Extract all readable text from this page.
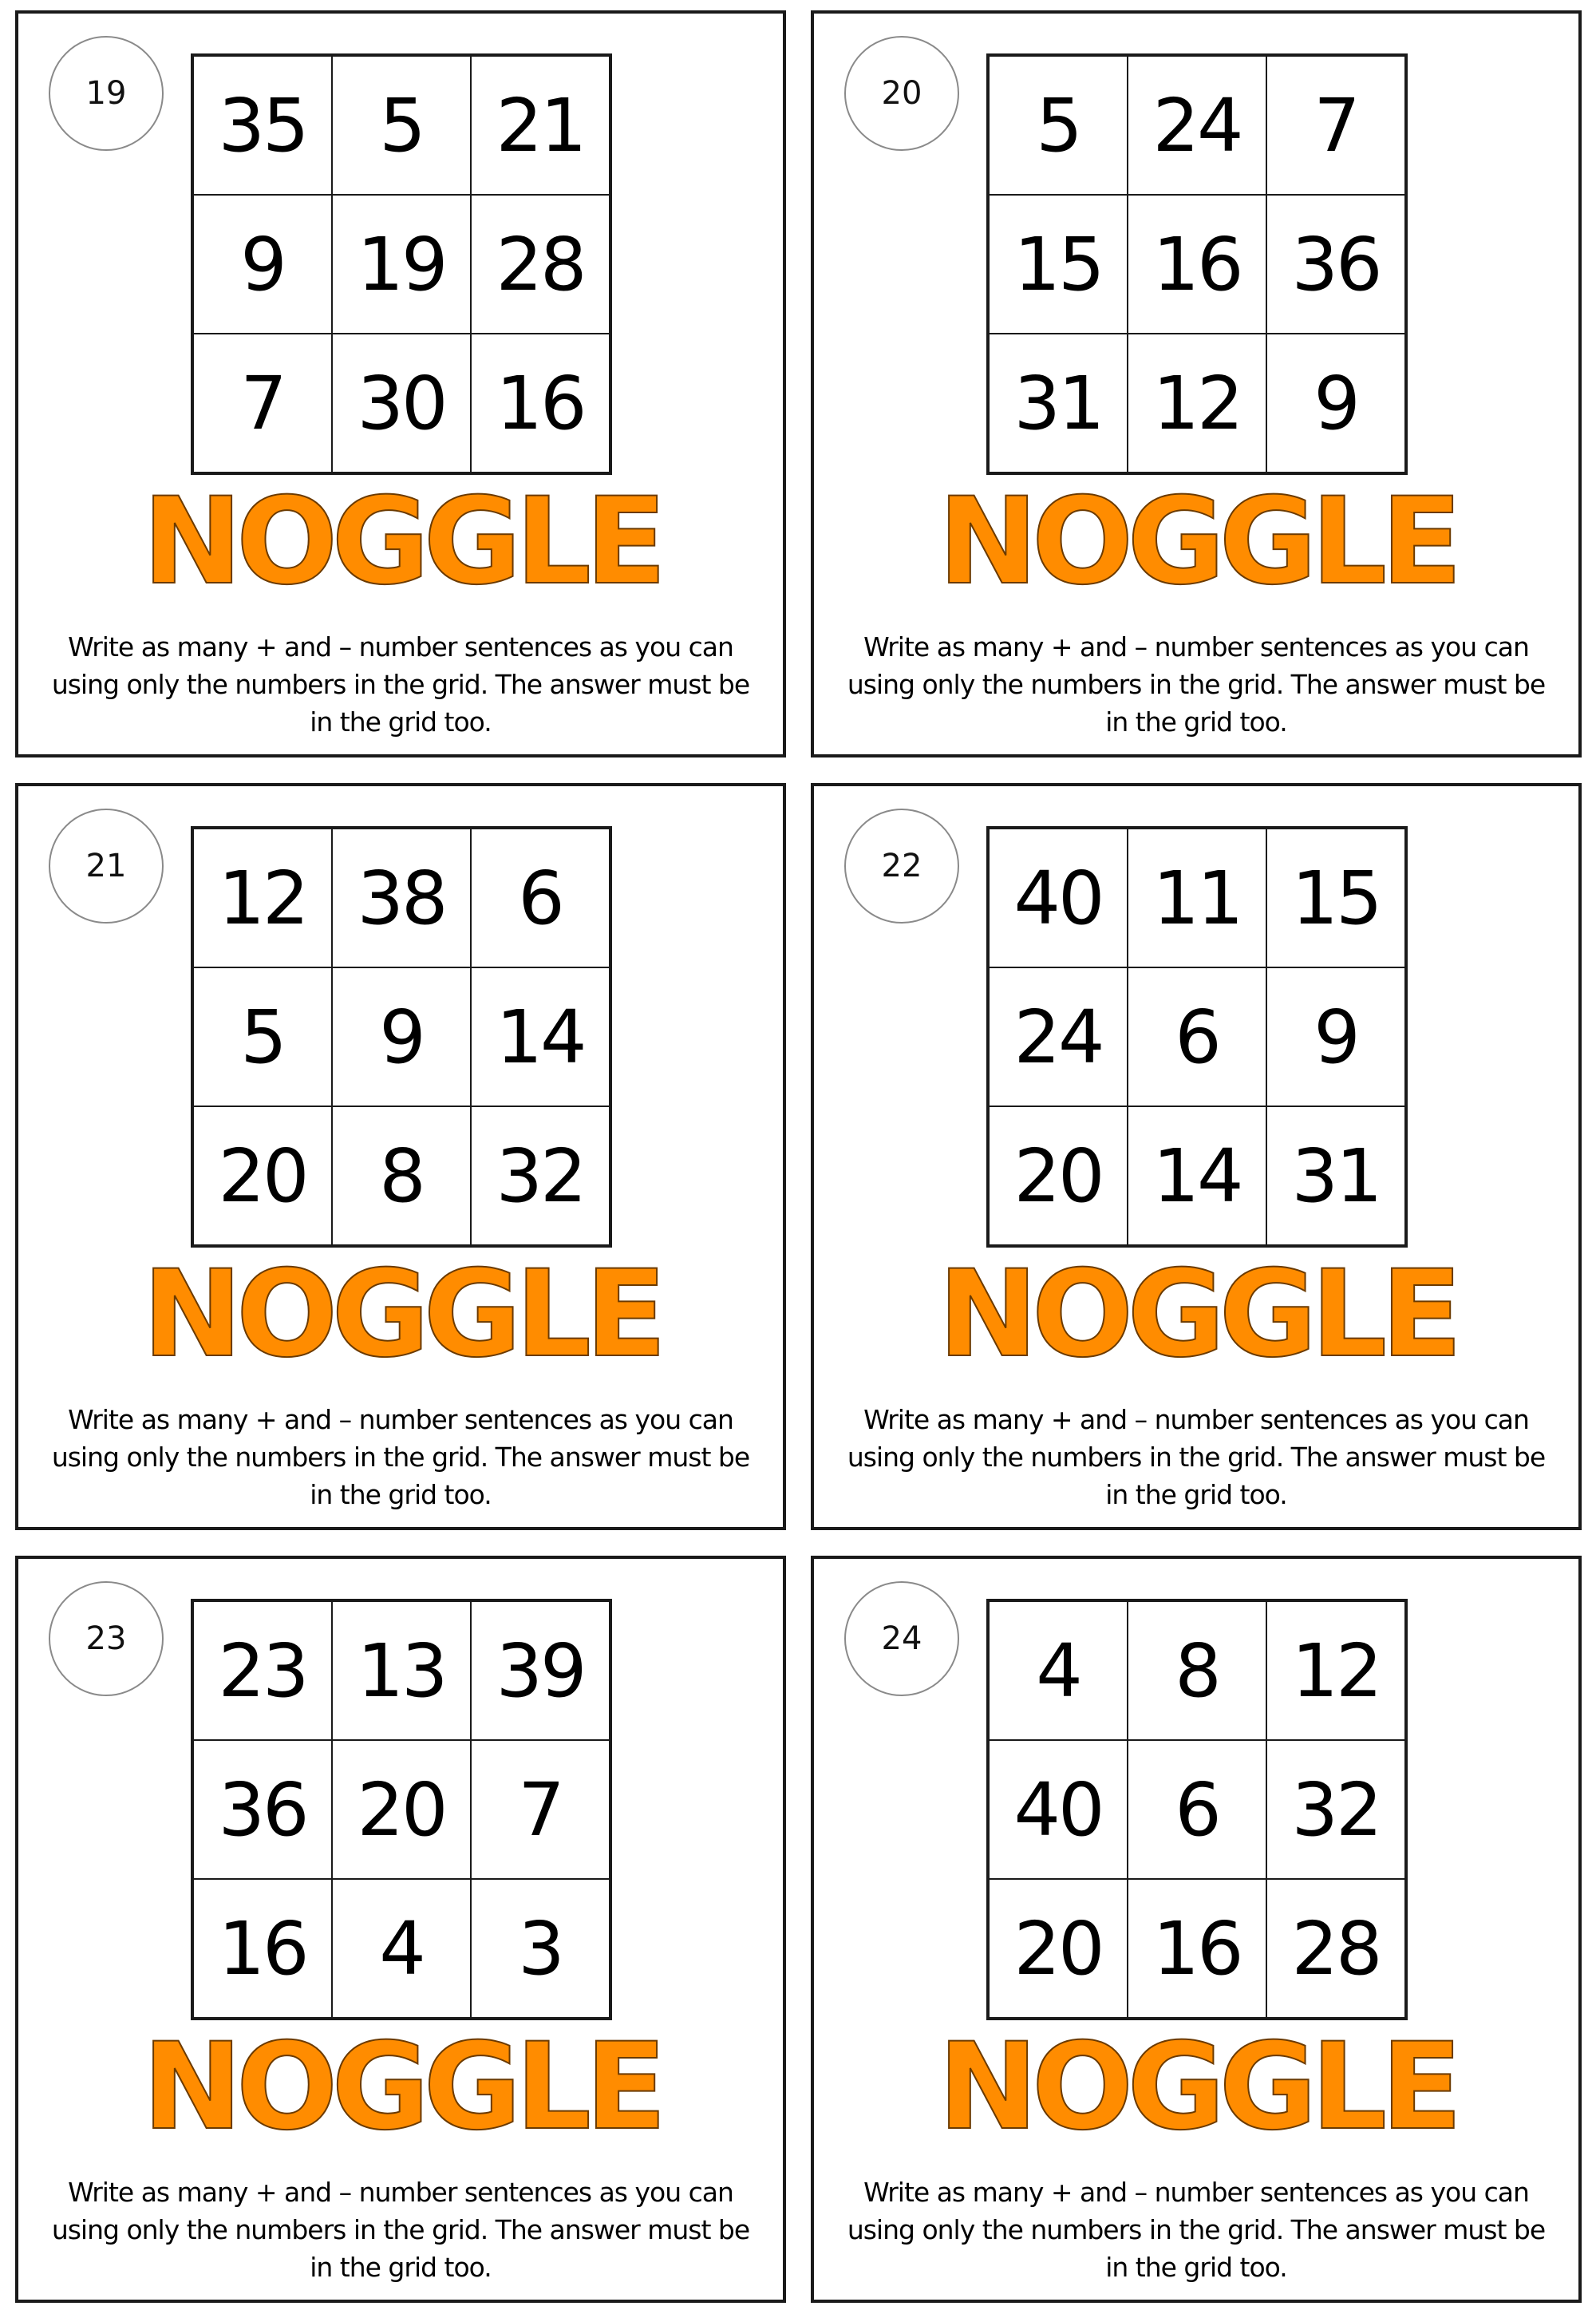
19	35 5 21
9 19 28
7 30 16
NOGGLE
Write as many + and – number sentences as you can using only the numbers in the grid. The answer must be in the grid too.
20	5 24 7
15 16 36
31 12 9
NOGGLE
Write as many + and – number sentences as you can using only the numbers in the grid. The answer must be in the grid too.
21	12 38 6
5	9 14
20 8 32
NOGGLE
Write as many + and – number sentences as you can using only the numbers in the grid. The answer must be in the grid too.
22	40 11 15
24 6	9
20 14 31
NOGGLE
Write as many + and – number sentences as you can using only the numbers in the grid. The answer must be in the grid too.
23	23 13 39
36 20 7
16 4	3
NOGGLE
Write as many + and – number sentences as you can using only the numbers in the grid. The answer must be in the grid too.
24	4	8 12
40 6 32
20 16 28
NOGGLE
Write as many + and – number sentences as you can using only the numbers in the grid. The answer must be in the grid too.
